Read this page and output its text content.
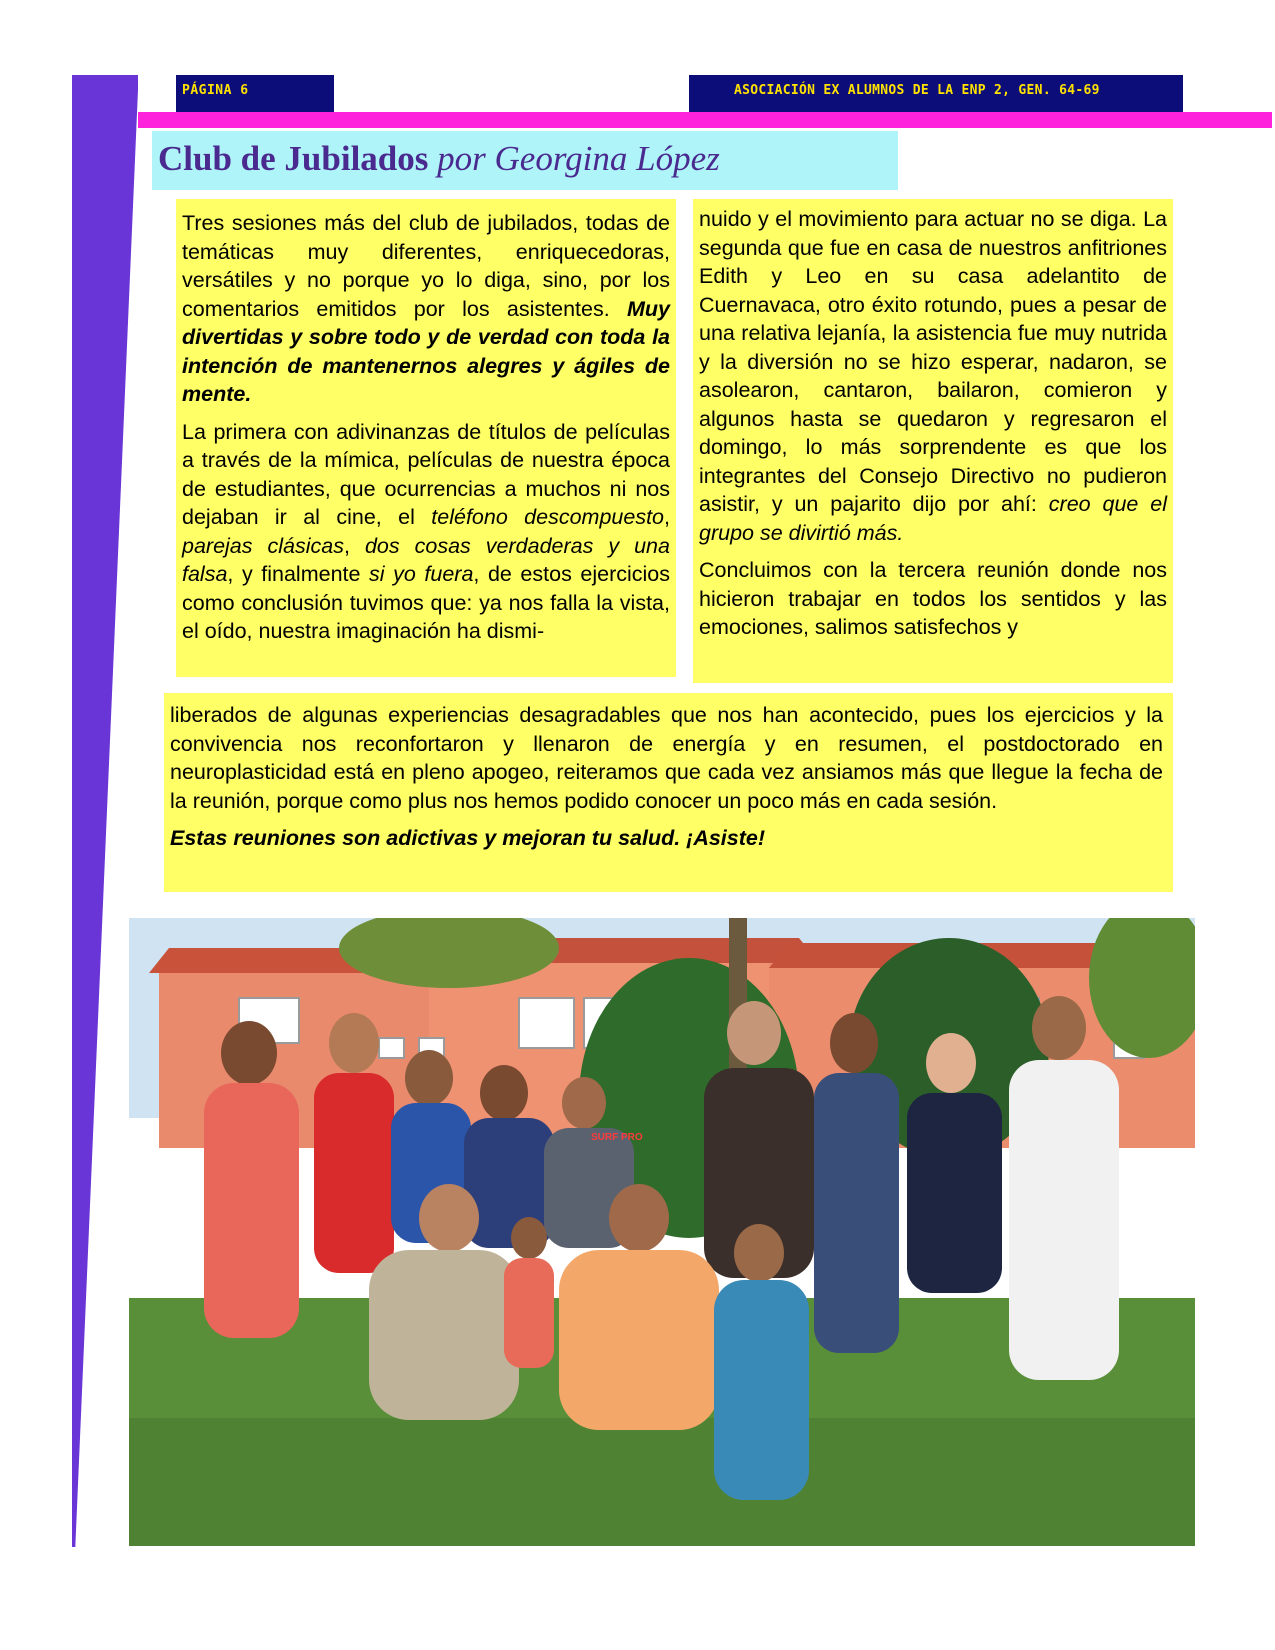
PÁGINA 6	ASOCIACIÓN EX ALUMNOS DE LA ENP 2, GEN. 64-69
Club de Jubilados por Georgina López

Tres sesiones más del club de jubilados, todas de temáticas muy diferentes, enriquecedoras, versátiles y no porque yo lo diga, sino, por los comentarios emitidos por los asistentes. Muy divertidas y sobre todo y de verdad con toda la intención de mantenernos alegres y ágiles de mente.

La primera con adivinanzas de títulos de películas a través de la mímica, películas de nuestra época de estudiantes, que ocurrencias a muchos ni nos dejaban ir al cine, el teléfono descompuesto, parejas clásicas, dos cosas verdaderas y una falsa, y finalmente si yo fuera, de estos ejercicios como conclusión tuvimos que: ya nos falla la vista, el oído, nuestra imaginación ha dismi-

nuido y el movimiento para actuar no se diga. La segunda que fue en casa de nuestros anfitriones Edith y Leo en su casa adelantito de Cuernavaca, otro éxito rotundo, pues a pesar de una relativa lejanía, la asistencia fue muy nutrida y la diversión no se hizo esperar, nadaron, se asolearon, cantaron, bailaron, comieron y algunos hasta se quedaron y regresaron el domingo, lo más sorprendente es que los integrantes del Consejo Directivo no pudieron asistir, y un pajarito dijo por ahí: creo que el grupo se divirtió más.

Concluimos con la tercera reunión donde nos hicieron trabajar en todos los sentidos y las emociones, salimos satisfechos y

liberados de algunas experiencias desagradables que nos han acontecido, pues los ejercicios y la convivencia nos reconfortaron y llenaron de energía y en resumen, el postdoctorado en neuroplasticidad está en pleno apogeo, reiteramos que cada vez ansiamos más que llegue la fecha de la reunión, porque como plus nos hemos podido conocer un poco más en cada sesión.

Estas reuniones son adictivas y mejoran tu salud. ¡Asiste!

SURF PRO
